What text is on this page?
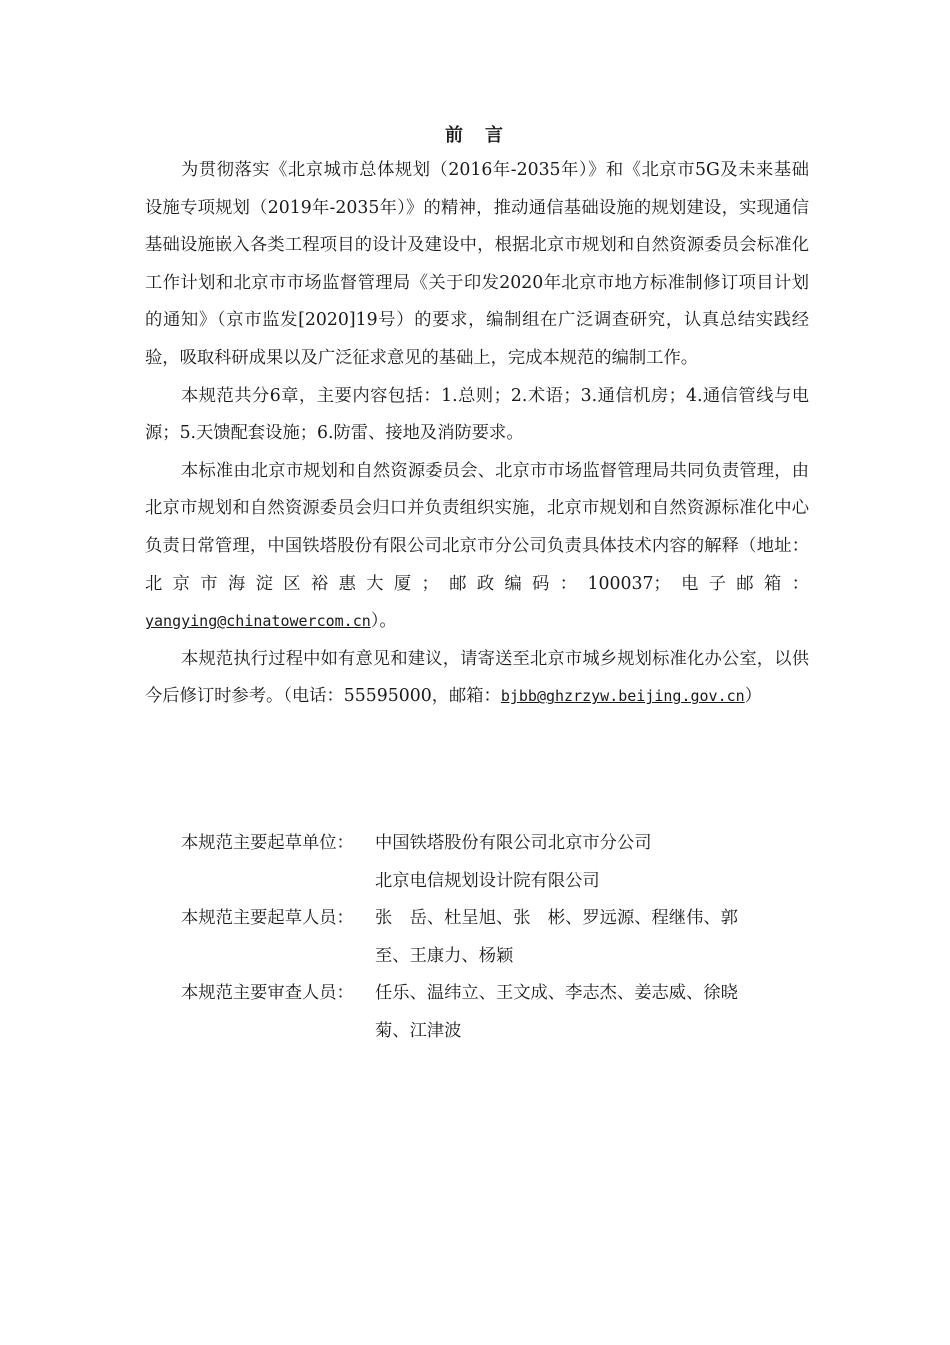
前　言

为贯彻落实《北京城市总体规划（2016年-2035年）》和《北京市5G及未来基础设施专项规划（2019年-2035年）》的精神，推动通信基础设施的规划建设，实现通信基础设施嵌入各类工程项目的设计及建设中，根据北京市规划和自然资源委员会标准化工作计划和北京市市场监督管理局《关于印发2020年北京市地方标准制修订项目计划的通知》（京市监发[2020]19号）的要求，编制组在广泛调查研究，认真总结实践经验，吸取科研成果以及广泛征求意见的基础上，完成本规范的编制工作。

本规范共分6章，主要内容包括：1.总则；2.术语；3.通信机房；4.通信管线与电源；5.天馈配套设施；6.防雷、接地及消防要求。

本标准由北京市规划和自然资源委员会、北京市市场监督管理局共同负责管理，由北京市规划和自然资源委员会归口并负责组织实施，北京市规划和自然资源标准化中心负责日常管理，中国铁塔股份有限公司北京市分公司负责具体技术内容的解释（地址：北京市海淀区裕惠大厦；邮政编码：100037；电子邮箱：yangying@chinatowercom.cn）。

本规范执行过程中如有意见和建议，请寄送至北京市城乡规划标准化办公室，以供今后修订时参考。（电话：55595000，邮箱：bjbb@ghzrzyw.beijing.gov.cn）

本规范主要起草单位：	中国铁塔股份有限公司北京市分公司
北京电信规划设计院有限公司
本规范主要起草人员：	张　岳、杜呈旭、张　彬、罗远源、程继伟、郭
至、王康力、杨颖
本规范主要审查人员：	任乐、温纬立、王文成、李志杰、姜志威、徐晓
菊、江津波
